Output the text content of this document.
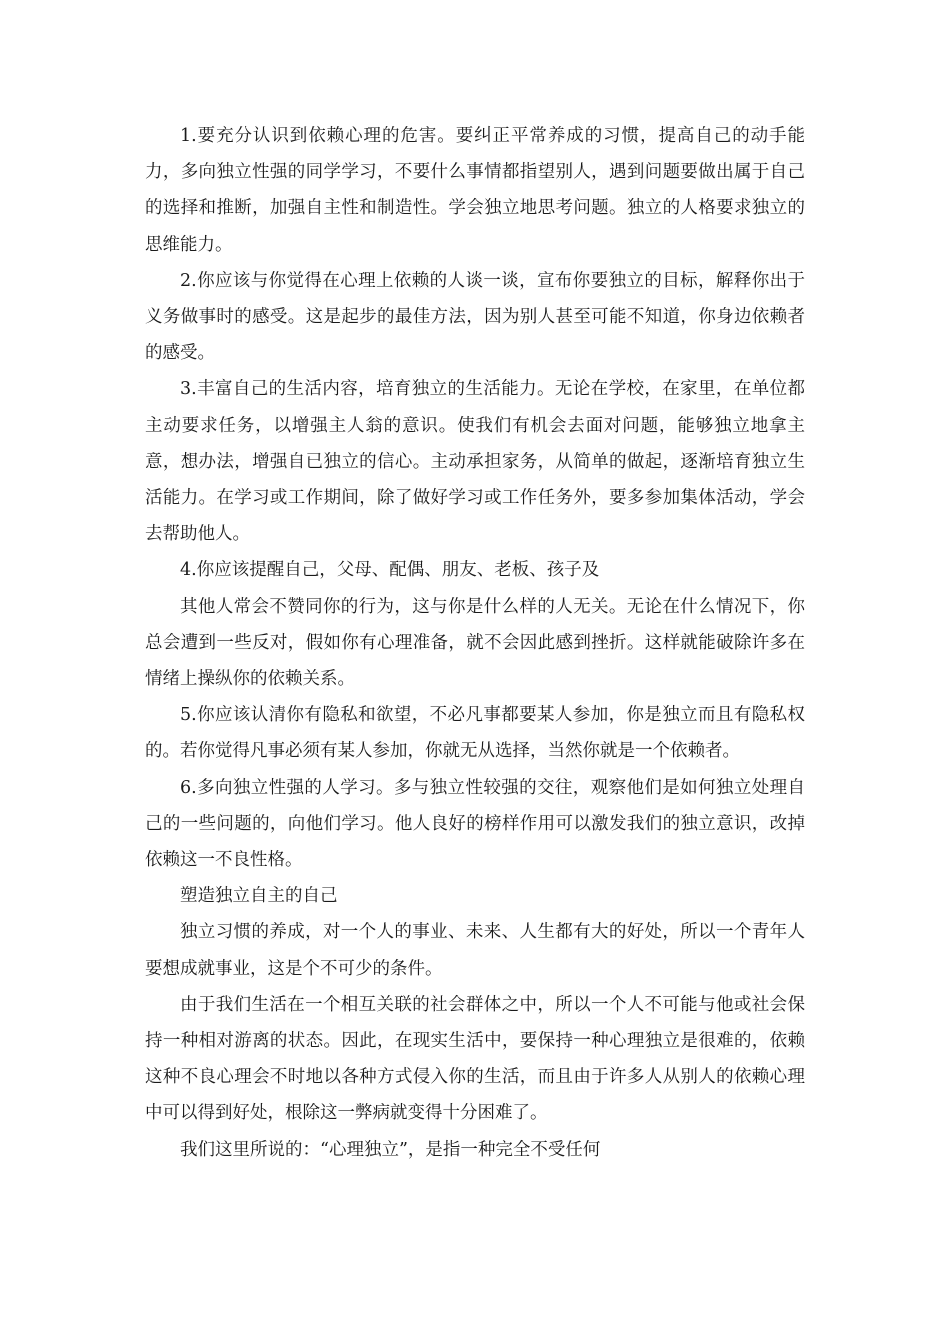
1.要充分认识到依赖心理的危害。要纠正平常养成的习惯，提高自己的动手能力，多向独立性强的同学学习，不要什么事情都指望别人，遇到问题要做出属于自己的选择和推断，加强自主性和制造性。学会独立地思考问题。独立的人格要求独立的思维能力。

2.你应该与你觉得在心理上依赖的人谈一谈，宣布你要独立的目标，解释你出于义务做事时的感受。这是起步的最佳方法，因为别人甚至可能不知道，你身边依赖者的感受。

3.丰富自己的生活内容，培育独立的生活能力。无论在学校，在家里，在单位都主动要求任务，以增强主人翁的意识。使我们有机会去面对问题，能够独立地拿主意，想办法，增强自已独立的信心。主动承担家务，从简单的做起，逐渐培育独立生活能力。在学习或工作期间，除了做好学习或工作任务外，要多参加集体活动，学会去帮助他人。

4.你应该提醒自己，父母、配偶、朋友、老板、孩子及

其他人常会不赞同你的行为，这与你是什么样的人无关。无论在什么情况下，你总会遭到一些反对，假如你有心理准备，就不会因此感到挫折。这样就能破除许多在情绪上操纵你的依赖关系。

5.你应该认清你有隐私和欲望，不必凡事都要某人参加，你是独立而且有隐私权的。若你觉得凡事必须有某人参加，你就无从选择，当然你就是一个依赖者。

6.多向独立性强的人学习。多与独立性较强的交往，观察他们是如何独立处理自己的一些问题的，向他们学习。他人良好的榜样作用可以激发我们的独立意识，改掉依赖这一不良性格。

塑造独立自主的自己

独立习惯的养成，对一个人的事业、未来、人生都有大的好处，所以一个青年人要想成就事业，这是个不可少的条件。

由于我们生活在一个相互关联的社会群体之中，所以一个人不可能与他或社会保持一种相对游离的状态。因此，在现实生活中，要保持一种心理独立是很难的，依赖这种不良心理会不时地以各种方式侵入你的生活，而且由于许多人从别人的依赖心理中可以得到好处，根除这一弊病就变得十分困难了。

我们这里所说的：“心理独立”，是指一种完全不受任何
